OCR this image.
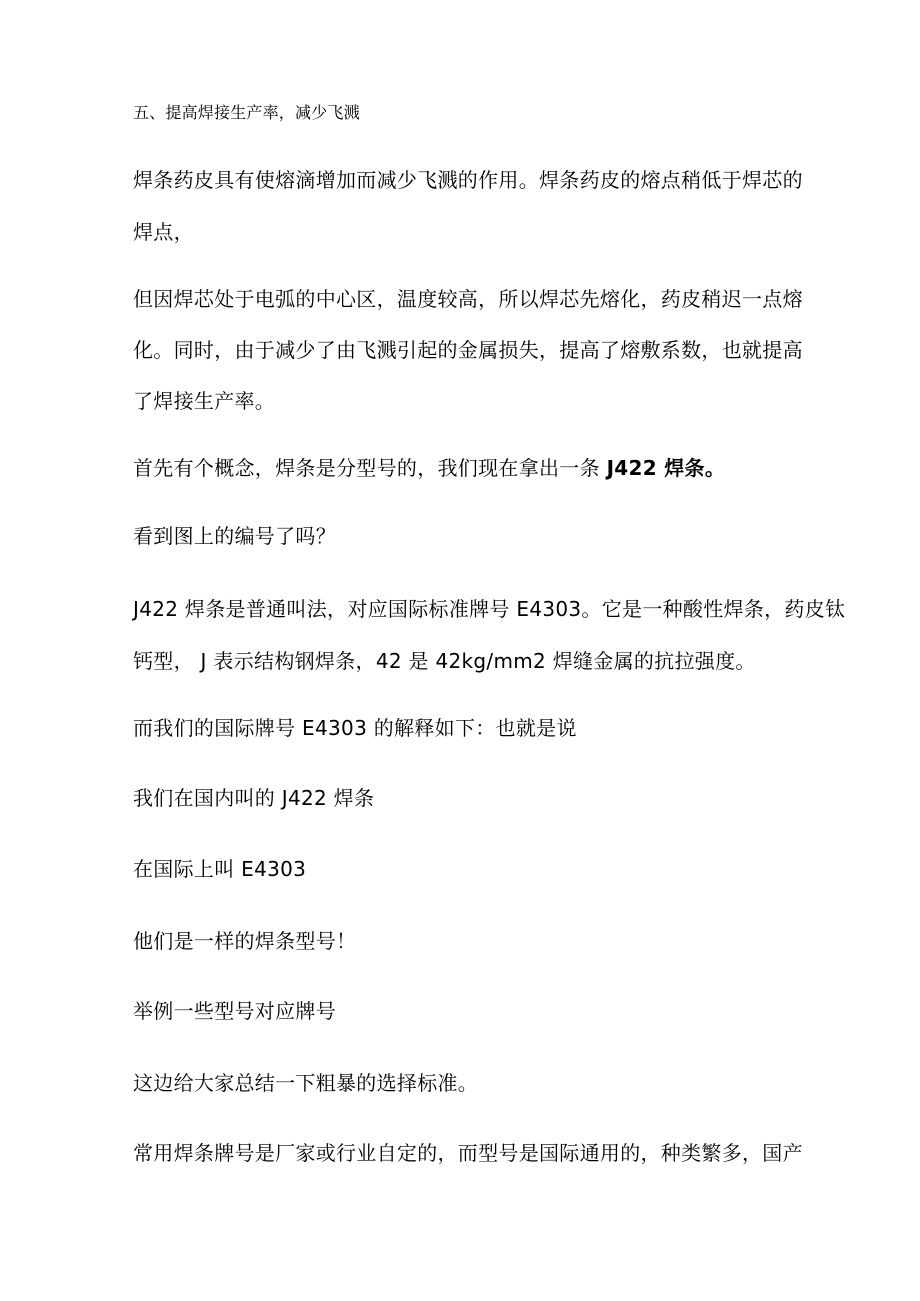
五、提高焊接生产率，减少飞溅
焊条药皮具有使熔滴增加而减少飞溅的作用。焊条药皮的熔点稍低于焊芯的
焊点，
但因焊芯处于电弧的中心区，温度较高，所以焊芯先熔化，药皮稍迟一点熔
化。同时，由于减少了由飞溅引起的金属损失，提高了熔敷系数，也就提高
了焊接生产率。
首先有个概念，焊条是分型号的，我们现在拿出一条 J422 焊条。
看到图上的编号了吗？
J422 焊条是普通叫法，对应国际标准牌号 E4303。它是一种酸性焊条，药皮钛
钙型， J 表示结构钢焊条，42 是 42kg/mm2 焊缝金属的抗拉强度。
而我们的国际牌号 E4303 的解释如下：也就是说
我们在国内叫的 J422 焊条
在国际上叫 E4303
他们是一样的焊条型号！
举例一些型号对应牌号
这边给大家总结一下粗暴的选择标准。
常用焊条牌号是厂家或行业自定的，而型号是国际通用的，种类繁多，国产
